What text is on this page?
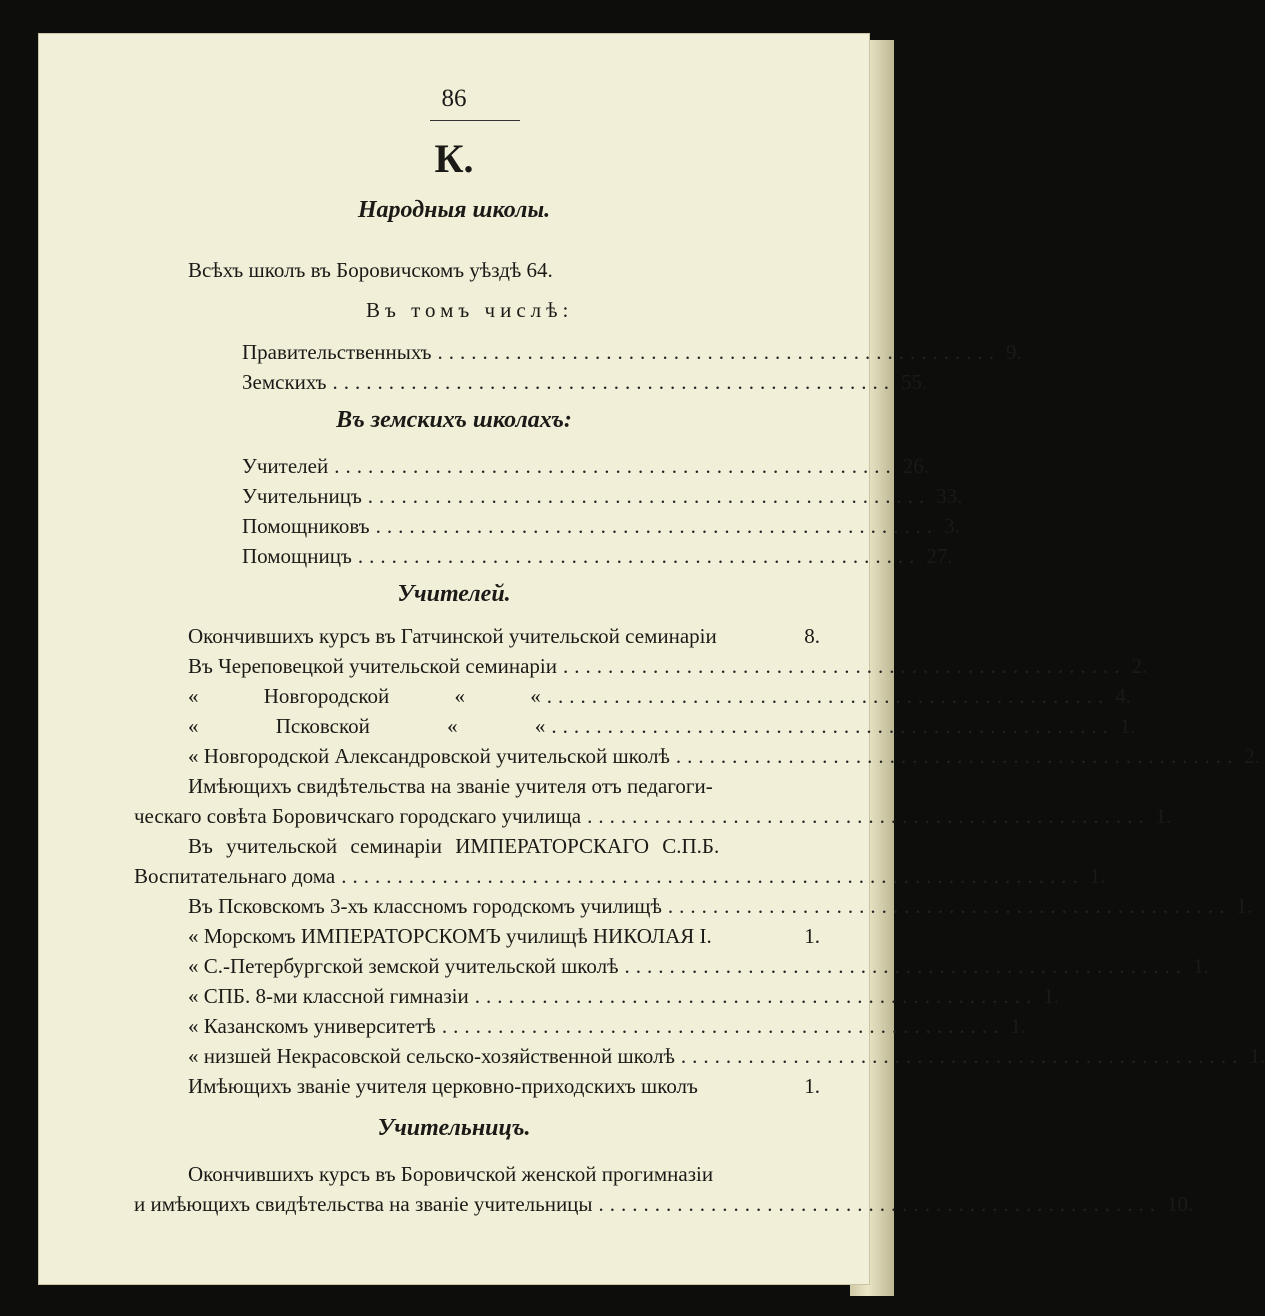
86
К.
Народныя школы.
Всѣхъ школъ въ Боровичскомъ уѣздѣ 64.
Въ томъ числѣ:
Правительственныхъ .................................................. 9.
Земскихъ .................................................. 55.
Въ земскихъ школахъ:
Учителей .................................................. 26.
Учительницъ .................................................. 33.
Помощниковъ .................................................. 3.
Помощницъ .................................................. 27.
Учителей.
Окончившихъ курсъ въ Гатчинской учительской семинаріи	8.
Въ Череповецкой учительской семинаріи .................................................. 2.
« Новгородской « « .................................................. 4.
« Псковской « « .................................................. 1.
« Новгородской Александровской учительской школѣ .................................................. 2.
Имѣющихъ свидѣтельства на званіе учителя отъ педагоги-
ческаго совѣта Боровичскаго городскаго училища .................................................. 1.
Въ учительской семинаріи ИМПЕРАТОРСКАГО С.П.Б.
Воспитательнаго дома .................................................................. 1.
Въ Псковскомъ 3-хъ классномъ городскомъ училищѣ .................................................. 1.
« Морскомъ ИМПЕРАТОРСКОМЪ училищѣ НИКОЛАЯ I.	1.
« С.-Петербургской земской учительской школѣ .................................................. 1.
« СПБ. 8-ми классной гимназіи .................................................. 1.
« Казанскомъ университетѣ .................................................. 1.
« низшей Некрасовской сельско-хозяйственной школѣ .................................................. 1.
Имѣющихъ званіе учителя церковно-приходскихъ школъ	1.
Учительницъ.
Окончившихъ курсъ въ Боровичской женской прогимназіи
и имѣющихъ свидѣтельства на званіе учительницы .................................................. 10.
